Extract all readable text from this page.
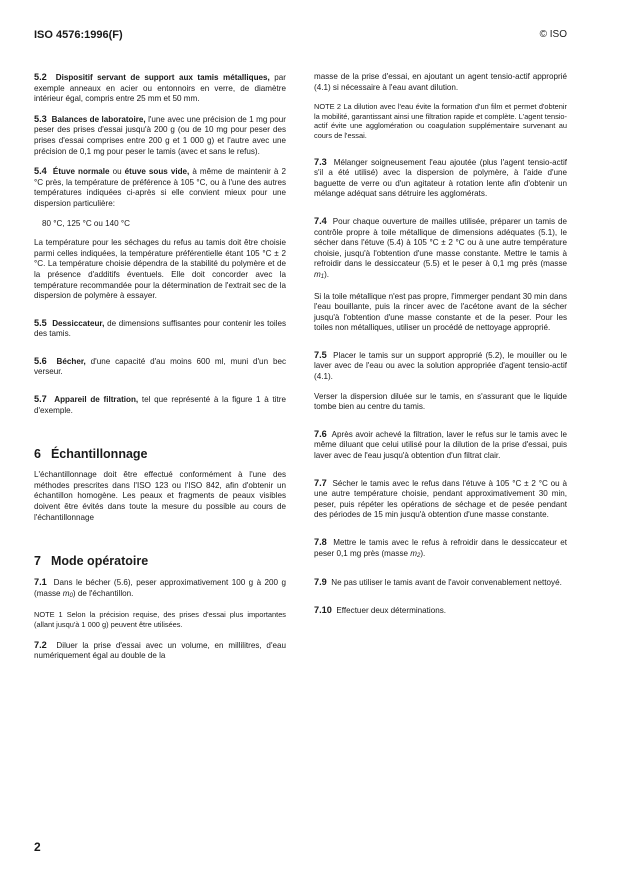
ISO 4576:1996(F)	© ISO

5.2 Dispositif servant de support aux tamis métalliques, par exemple anneaux en acier ou entonnoirs en verre, de diamètre intérieur égal, compris entre 25 mm et 50 mm.

5.3 Balances de laboratoire, l'une avec une précision de 1 mg pour peser des prises d'essai jusqu'à 200 g (ou de 10 mg pour peser des prises d'essai comprises entre 200 g et 1 000 g) et l'autre avec une précision de 0,1 mg pour peser le tamis (avec et sans le refus).

5.4 Étuve normale ou étuve sous vide, à même de maintenir à 2 °C près, la température de préférence à 105 °C, ou à l'une des autres températures indiquées ci-après si elle convient mieux pour une dispersion particulière:

80 °C, 125 °C ou 140 °C

La température pour les séchages du refus au tamis doit être choisie parmi celles indiquées, la température préférentielle étant 105 °C ± 2 °C. La température choisie dépendra de la stabilité du polymère et de la présence d'additifs éventuels. Elle doit concorder avec la température recommandée pour la détermination de l'extrait sec de la dispersion de polymère à essayer.

5.5 Dessiccateur, de dimensions suffisantes pour contenir les toiles des tamis.

5.6 Bécher, d'une capacité d'au moins 600 ml, muni d'un bec verseur.

5.7 Appareil de filtration, tel que représenté à la figure 1 à titre d'exemple.

6 Échantillonnage

L'échantillonnage doit être effectué conformément à l'une des méthodes prescrites dans l'ISO 123 ou l'ISO 842, afin d'obtenir un échantillon homogène. Les peaux et fragments de peaux visibles doivent être évités dans toute la mesure du possible au cours de l'échantillonnage

7 Mode opératoire

7.1 Dans le bécher (5.6), peser approximativement 100 g à 200 g (masse m0) de l'échantillon.

NOTE 1 Selon la précision requise, des prises d'essai plus importantes (allant jusqu'à 1 000 g) peuvent être utilisées.

7.2 Diluer la prise d'essai avec un volume, en millilitres, d'eau numériquement égal au double de la

masse de la prise d'essai, en ajoutant un agent tensio-actif approprié (4.1) si nécessaire à l'eau avant dilution.

NOTE 2 La dilution avec l'eau évite la formation d'un film et permet d'obtenir la mobilité, garantissant ainsi une filtration rapide et complète. L'agent tensio-actif évite une agglomération ou coagulation supplémentaire survenant au cours de l'essai.

7.3 Mélanger soigneusement l'eau ajoutée (plus l'agent tensio-actif s'il a été utilisé) avec la dispersion de polymère, à l'aide d'une baguette de verre ou d'un agitateur à rotation lente afin d'obtenir un mélange adéquat sans détruire les agglomérats.

7.4 Pour chaque ouverture de mailles utilisée, préparer un tamis de contrôle propre à toile métallique de dimensions adéquates (5.1), le sécher dans l'étuve (5.4) à 105 °C ± 2 °C ou à une autre température choisie, jusqu'à l'obtention d'une masse constante. Mettre le tamis à refroidir dans le dessiccateur (5.5) et le peser à 0,1 mg près (masse m1).

Si la toile métallique n'est pas propre, l'immerger pendant 30 min dans l'eau bouillante, puis la rincer avec de l'acétone avant de la sécher jusqu'à l'obtention d'une masse constante et de la peser. Pour les toiles non métalliques, utiliser un procédé de nettoyage approprié.

7.5 Placer le tamis sur un support approprié (5.2), le mouiller ou le laver avec de l'eau ou avec la solution appropriée d'agent tensio-actif (4.1).

Verser la dispersion diluée sur le tamis, en s'assurant que le liquide tombe bien au centre du tamis.

7.6 Après avoir achevé la filtration, laver le refus sur le tamis avec le même diluant que celui utilisé pour la dilution de la prise d'essai, puis laver avec de l'eau jusqu'à obtention d'un filtrat clair.

7.7 Sécher le tamis avec le refus dans l'étuve à 105 °C ± 2 °C ou à une autre température choisie, pendant approximativement 30 min, peser, puis répéter les opérations de séchage et de pesée pendant des périodes de 15 min jusqu'à obtention d'une masse constante.

7.8 Mettre le tamis avec le refus à refroidir dans le dessiccateur et peser 0,1 mg près (masse m2).

7.9 Ne pas utiliser le tamis avant de l'avoir convenablement nettoyé.

7.10 Effectuer deux déterminations.

2
